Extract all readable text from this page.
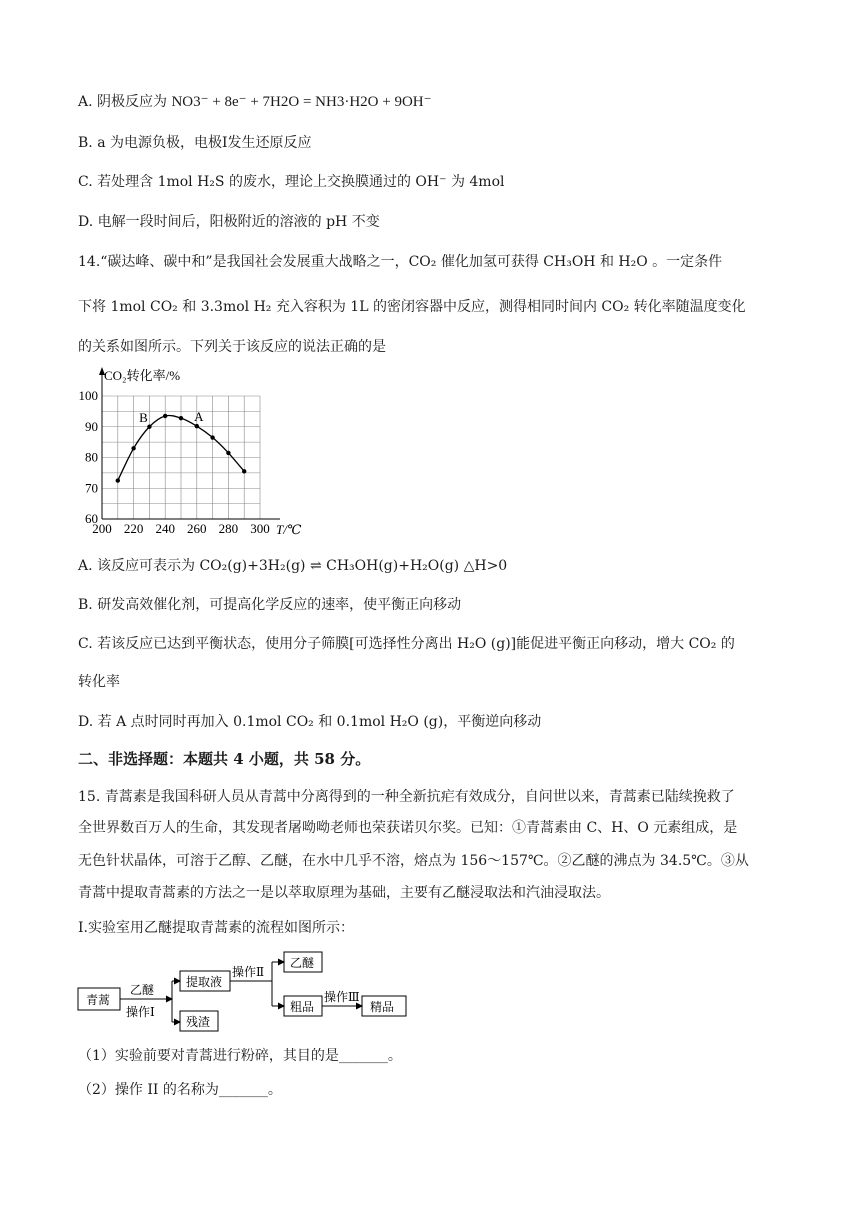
A. 阴极反应为 NO3⁻ + 8e⁻ + 7H2O = NH3·H2O + 9OH⁻
B. a 为电源负极，电极Ⅰ发生还原反应
C. 若处理含 1mol H₂S 的废水，理论上交换膜通过的 OH⁻ 为 4mol
D. 电解一段时间后，阳极附近的溶液的 pH 不变
14.“碳达峰、碳中和”是我国社会发展重大战略之一，CO₂ 催化加氢可获得 CH₃OH 和 H₂O 。一定条件
下将 1mol CO₂ 和 3.3mol H₂ 充入容积为 1L 的密闭容器中反应，测得相同时间内 CO₂ 转化率随温度变化
的关系如图所示。下列关于该反应的说法正确的是
CO₂转化率/%
T/℃
60
70
80
90
100
200 220 240 260 280 300
B	A
A. 该反应可表示为 CO₂(g)+3H₂(g) ⇌ CH₃OH(g)+H₂O(g) △H>0
B. 研发高效催化剂，可提高化学反应的速率，使平衡正向移动
C. 若该反应已达到平衡状态，使用分子筛膜[可选择性分离出 H₂O (g)]能促进平衡正向移动，增大 CO₂ 的
转化率
D. 若 A 点时同时再加入 0.1mol CO₂ 和 0.1mol H₂O (g)，平衡逆向移动
二、非选择题：本题共 4 小题，共 58 分。
15. 青蒿素是我国科研人员从青蒿中分离得到的一种全新抗疟有效成分，自问世以来，青蒿素已陆续挽救了
全世界数百万人的生命，其发现者屠呦呦老师也荣获诺贝尔奖。已知：①青蒿素由 C、H、O 元素组成，是
无色针状晶体，可溶于乙醇、乙醚，在水中几乎不溶，熔点为 156～157℃。②乙醚的沸点为 34.5℃。③从
青蒿中提取青蒿素的方法之一是以萃取原理为基础，主要有乙醚浸取法和汽油浸取法。
I.实验室用乙醚提取青蒿素的流程如图所示：
青蒿
乙醚
操作Ⅰ
提取液
残渣
操作Ⅱ
乙醚
粗品
操作Ⅲ
精品
（1）实验前要对青蒿进行粉碎，其目的是_______。
（2）操作 II 的名称为_______。
